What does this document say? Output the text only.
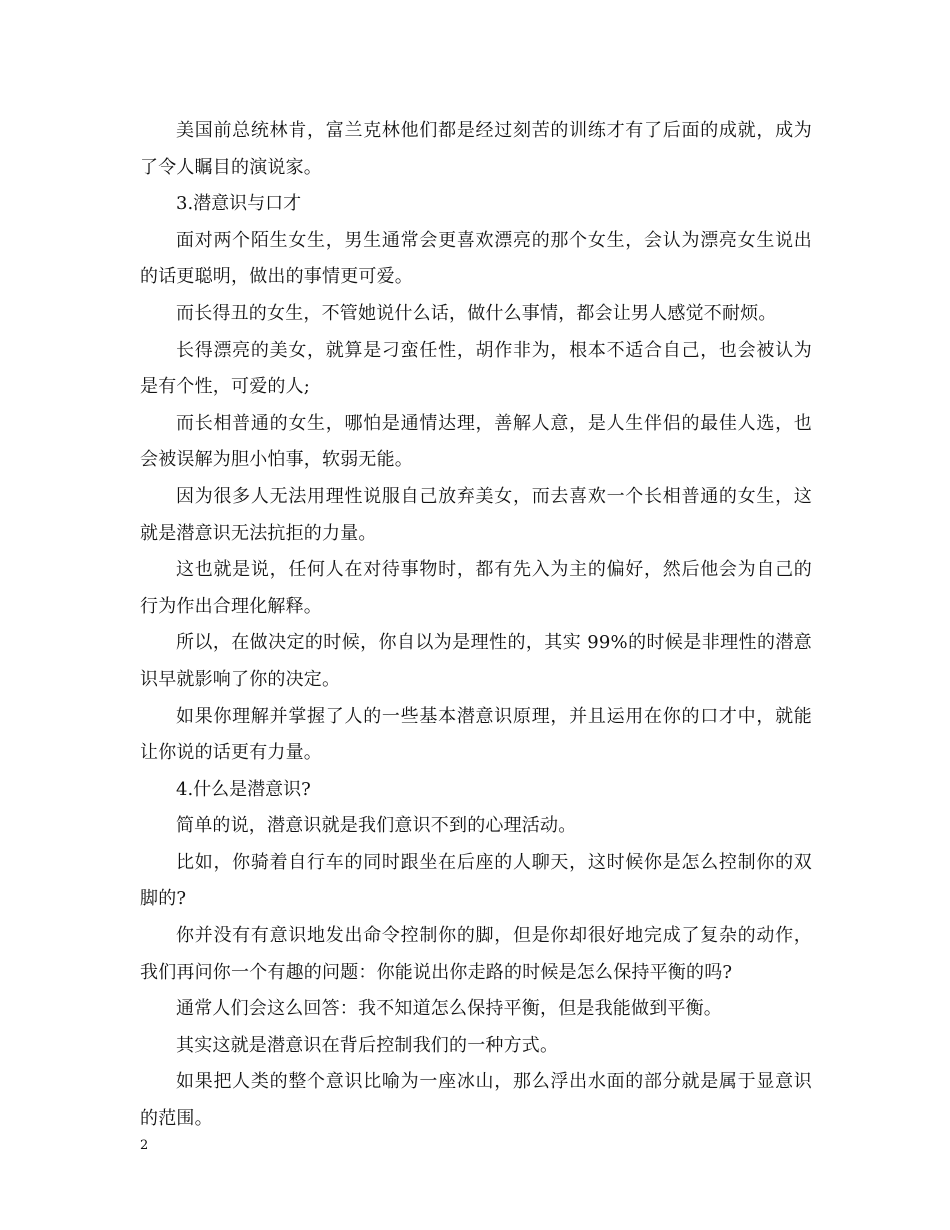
美国前总统林肯，富兰克林他们都是经过刻苦的训练才有了后面的成就，成为了令人瞩目的演说家。

3.潜意识与口才

面对两个陌生女生，男生通常会更喜欢漂亮的那个女生，会认为漂亮女生说出的话更聪明，做出的事情更可爱。

而长得丑的女生，不管她说什么话，做什么事情，都会让男人感觉不耐烦。

长得漂亮的美女，就算是刁蛮任性，胡作非为，根本不适合自己，也会被认为是有个性，可爱的人;

而长相普通的女生，哪怕是通情达理，善解人意，是人生伴侣的最佳人选，也会被误解为胆小怕事，软弱无能。

因为很多人无法用理性说服自己放弃美女，而去喜欢一个长相普通的女生，这就是潜意识无法抗拒的力量。

这也就是说，任何人在对待事物时，都有先入为主的偏好，然后他会为自己的行为作出合理化解释。

所以，在做决定的时候，你自以为是理性的，其实 99%的时候是非理性的潜意识早就影响了你的决定。

如果你理解并掌握了人的一些基本潜意识原理，并且运用在你的口才中，就能让你说的话更有力量。

4.什么是潜意识?

简单的说，潜意识就是我们意识不到的心理活动。

比如，你骑着自行车的同时跟坐在后座的人聊天，这时候你是怎么控制你的双脚的?

你并没有有意识地发出命令控制你的脚，但是你却很好地完成了复杂的动作，我们再问你一个有趣的问题：你能说出你走路的时候是怎么保持平衡的吗?

通常人们会这么回答：我不知道怎么保持平衡，但是我能做到平衡。

其实这就是潜意识在背后控制我们的一种方式。

如果把人类的整个意识比喻为一座冰山，那么浮出水面的部分就是属于显意识的范围。

2
